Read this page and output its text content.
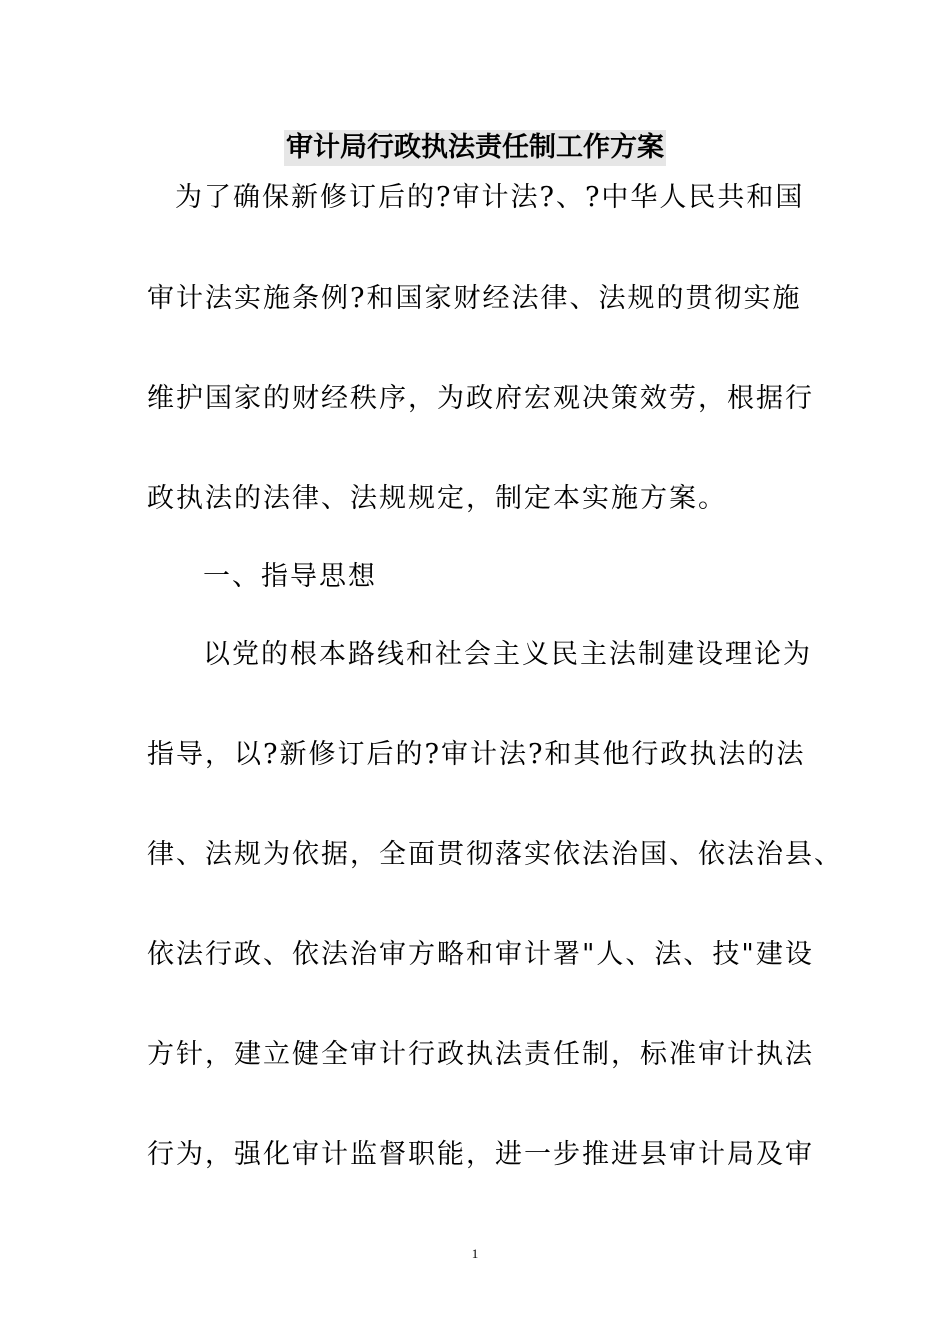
审计局行政执法责任制工作方案
为了确保新修订后的?审计法?、?中华人民共和国
审计法实施条例?和国家财经法律、法规的贯彻实施
维护国家的财经秩序，为政府宏观决策效劳，根据行
政执法的法律、法规规定，制定本实施方案。
一、指导思想
以党的根本路线和社会主义民主法制建设理论为
指导，以?新修订后的?审计法?和其他行政执法的法
律、法规为依据，全面贯彻落实依法治国、依法治县、
依法行政、依法治审方略和审计署"人、法、技"建设
方针，建立健全审计行政执法责任制，标准审计执法
行为，强化审计监督职能，进一步推进县审计局及审
1
